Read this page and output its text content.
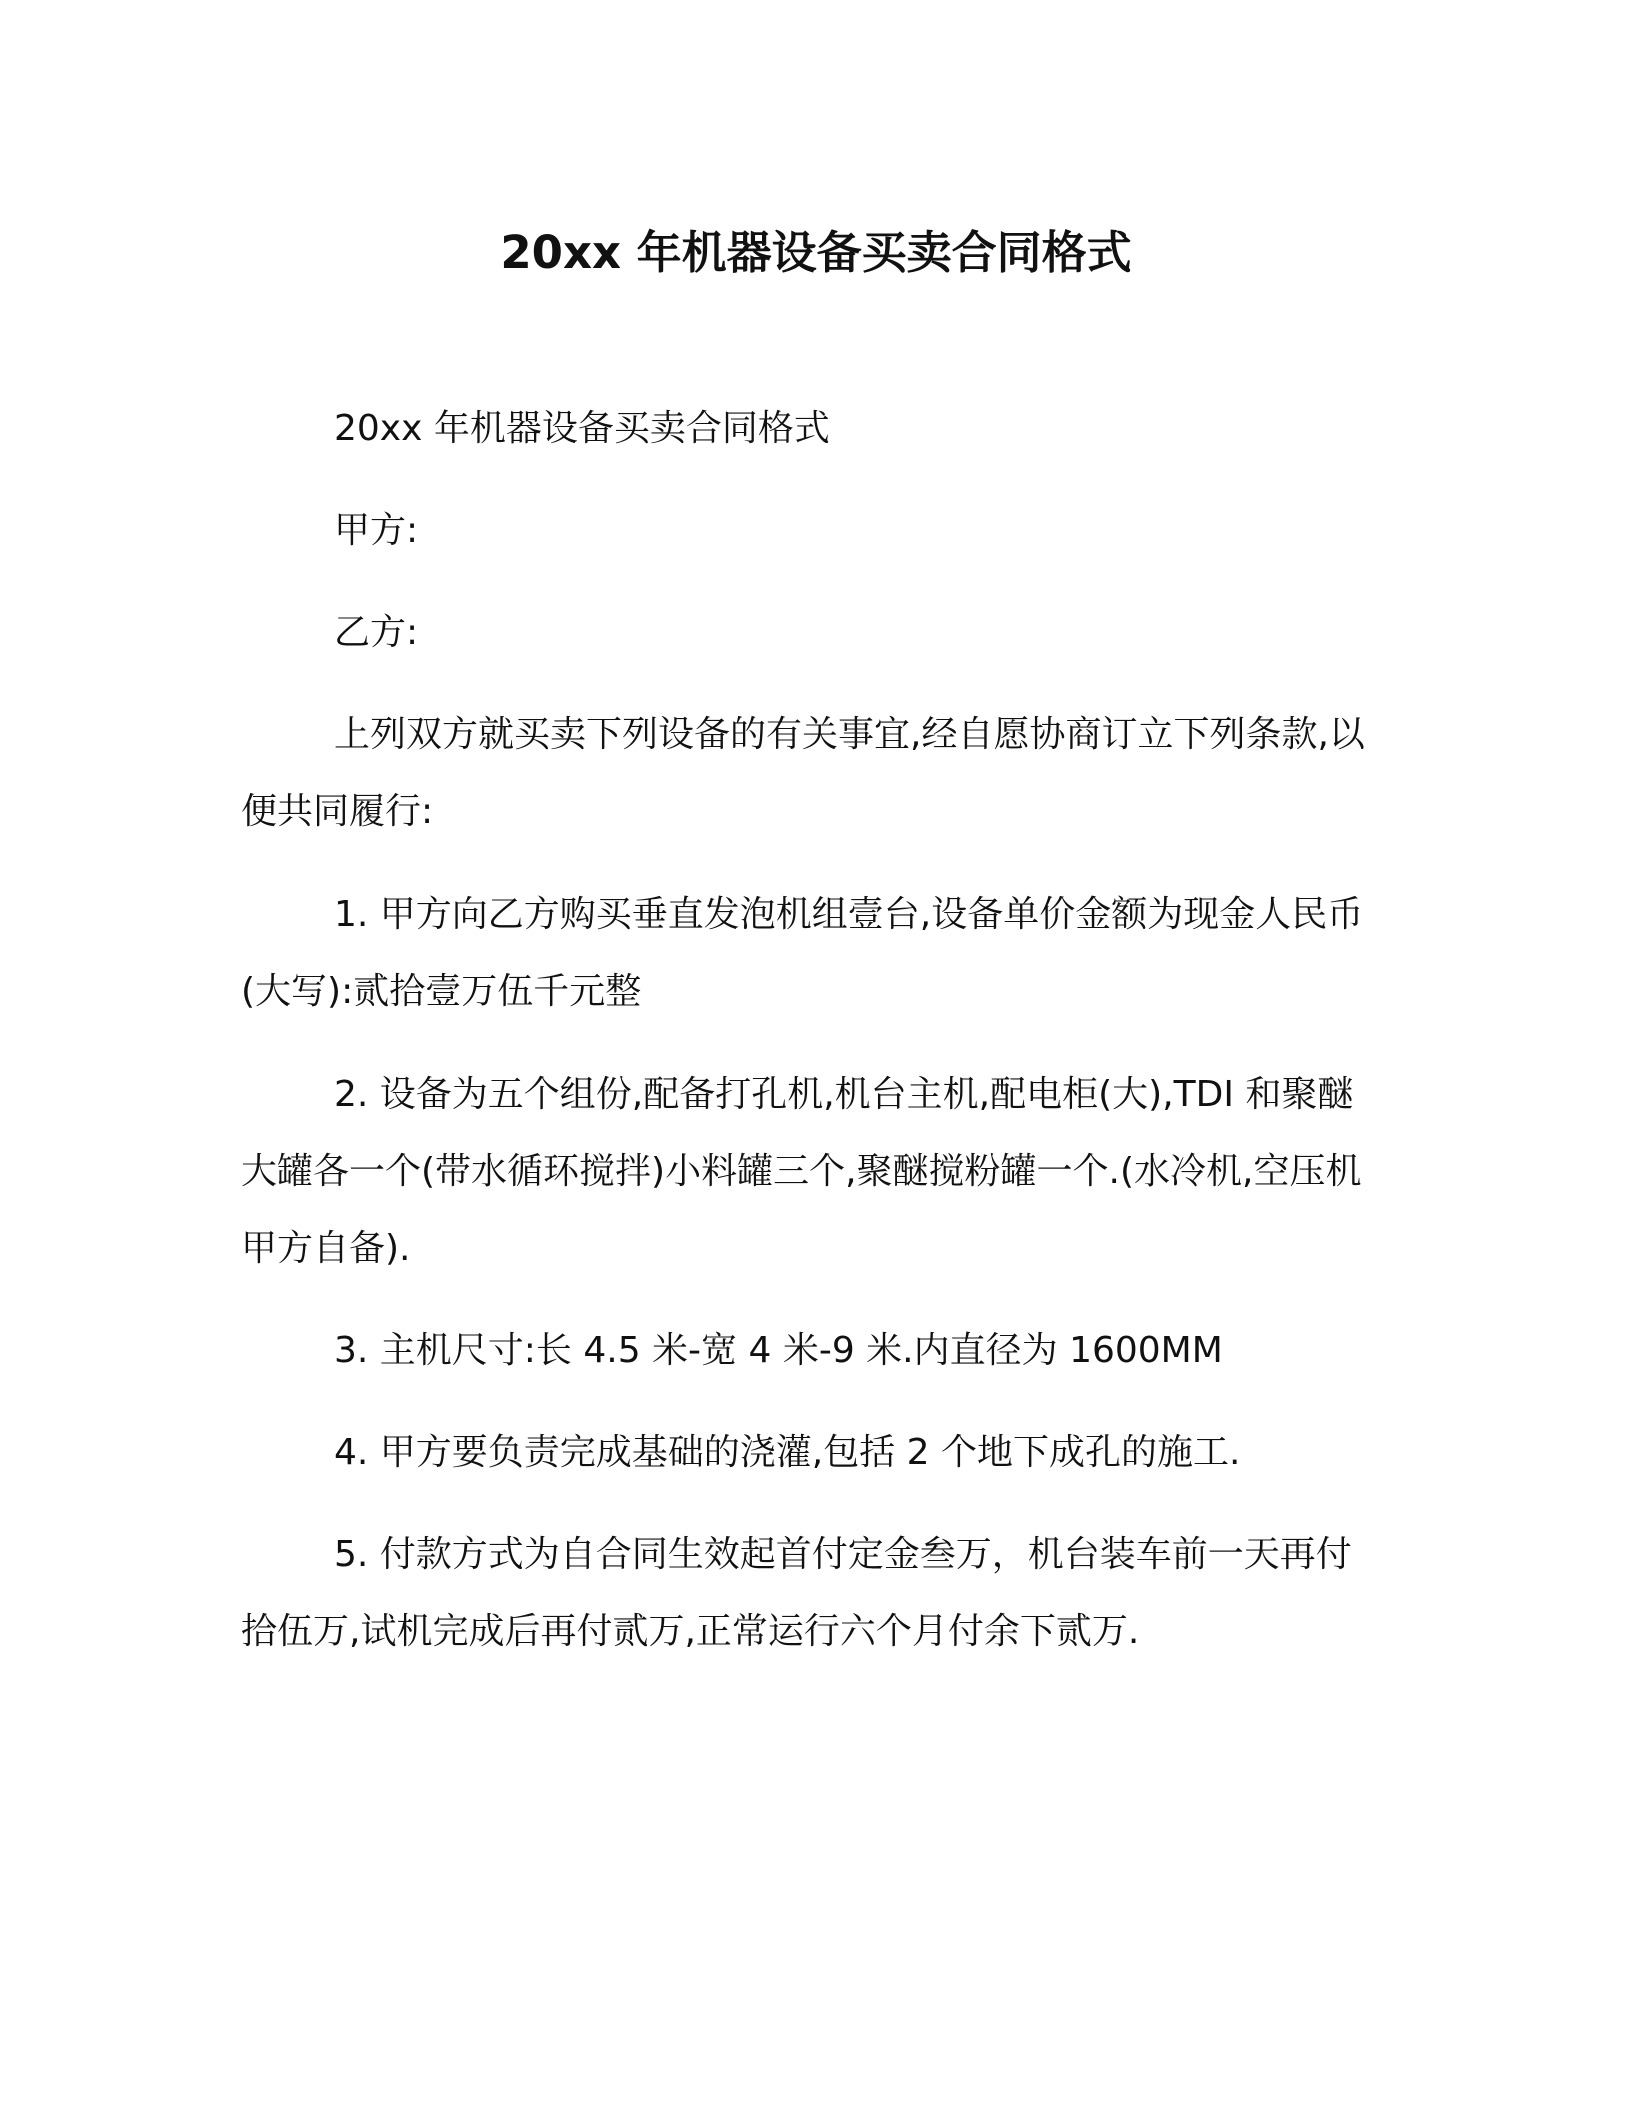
20xx 年机器设备买卖合同格式

20xx 年机器设备买卖合同格式

甲方:

乙方:

上列双方就买卖下列设备的有关事宜,经自愿协商订立下列条款,以便共同履行:

1. 甲方向乙方购买垂直发泡机组壹台,设备单价金额为现金人民币(大写):贰拾壹万伍千元整

2. 设备为五个组份,配备打孔机,机台主机,配电柜(大),TDI 和聚醚大罐各一个(带水循环搅拌)小料罐三个,聚醚搅粉罐一个.(水冷机,空压机甲方自备).

3. 主机尺寸:长 4.5 米-宽 4 米-9 米.内直径为 1600MM

4. 甲方要负责完成基础的浇灌,包括 2 个地下成孔的施工.

5. 付款方式为自合同生效起首付定金叁万，机台装车前一天再付拾伍万,试机完成后再付贰万,正常运行六个月付余下贰万.
